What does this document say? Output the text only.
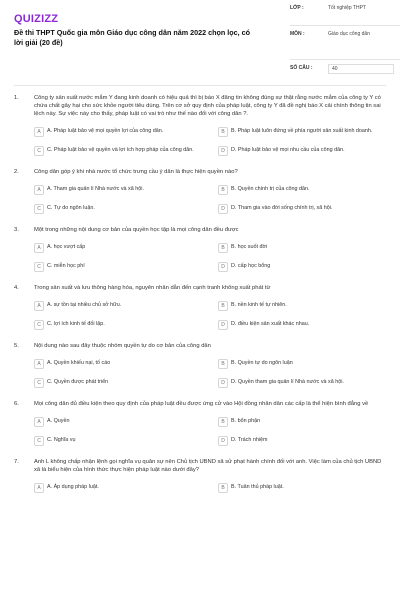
QUIZIZZ
Đề thi THPT Quốc gia môn Giáo dục công dân năm 2022 chọn lọc, có lời giải (20 đề)
LỚP :	Tốt nghiệp THPT
MÔN :	Giáo dục công dân
SỐ CÂU :	40
1.	Công ty sản xuất nước mắm Y đang kinh doanh có hiệu quả thì bị báo X đăng tin không đúng sự thật rằng nước mắm của công ty Y có chứa chất gây hại cho sức khỏe người tiêu dùng. Trên cơ sở quy định của pháp luật, công ty Y đã đề nghị báo X cải chính thông tin sai lệch này. Sự việc này cho thấy, pháp luật có vai trò như thế nào đối với công dân ?.
A	A. Pháp luật bảo vệ mọi quyền lợi của công dân.	B	B. Pháp luật luôn đứng về phía người sản xuất kinh doanh.
C	C. Pháp luật bảo vệ quyền và lợi ích hợp pháp của công dân.	D	D. Pháp luật bảo vệ mọi nhu cầu của công dân.
2.	Công dân góp ý khi nhà nước tổ chức trưng cầu ý dân là thực hiện quyền nào?
A	A. Tham gia quản lí Nhà nước và xã hội.	B	B. Quyền chính trị của công dân.
C	C. Tự do ngôn luận.	D	D. Tham gia vào đời sống chính trị, xã hội.
3.	Một trong những nội dung cơ bản của quyền học tập là mọi công dân đều được
A	A. học vượt cấp	B	B. học suốt đời
C	C. miễn học phí	D	D. cấp học bổng
4.	Trong sản xuất và lưu thông hàng hóa, nguyên nhân dẫn đến cạnh tranh không xuất phát từ
A	A. sự tồn tại nhiều chủ sở hữu.	B	B. nền kinh tế tự nhiên.
C	C. lợi ích kinh tế đối lập.	D	D. điều kiện sản xuất khác nhau.
5.	Nội dung nào sau đây thuộc nhóm quyền tự do cơ bản của công dân
A	A. Quyền khiếu nại, tố cáo	B	B. Quyền tự do ngôn luận
C	C. Quyền được phát triển	D	D. Quyền tham gia quản lí Nhà nước và xã hội.
6.	Mọi công dân đủ điều kiện theo quy định của pháp luật đều được ứng cử vào Hội đồng nhân dân các cấp là thể hiện bình đẳng về
A	A. Quyền	B	B. bổn phận
C	C. Nghĩa vụ	D	D. Trách nhiệm
7.	Anh L không chấp nhận lệnh gọi nghĩa vụ quân sự nên Chủ tịch UBND xã sử phạt hành chính đối với anh. Việc làm của chủ tịch UBND xã là biểu hiện của hình thức thực hiện pháp luật nào dưới đây?
A	A. Áp dụng pháp luật.	B	B. Tuân thủ pháp luật.
